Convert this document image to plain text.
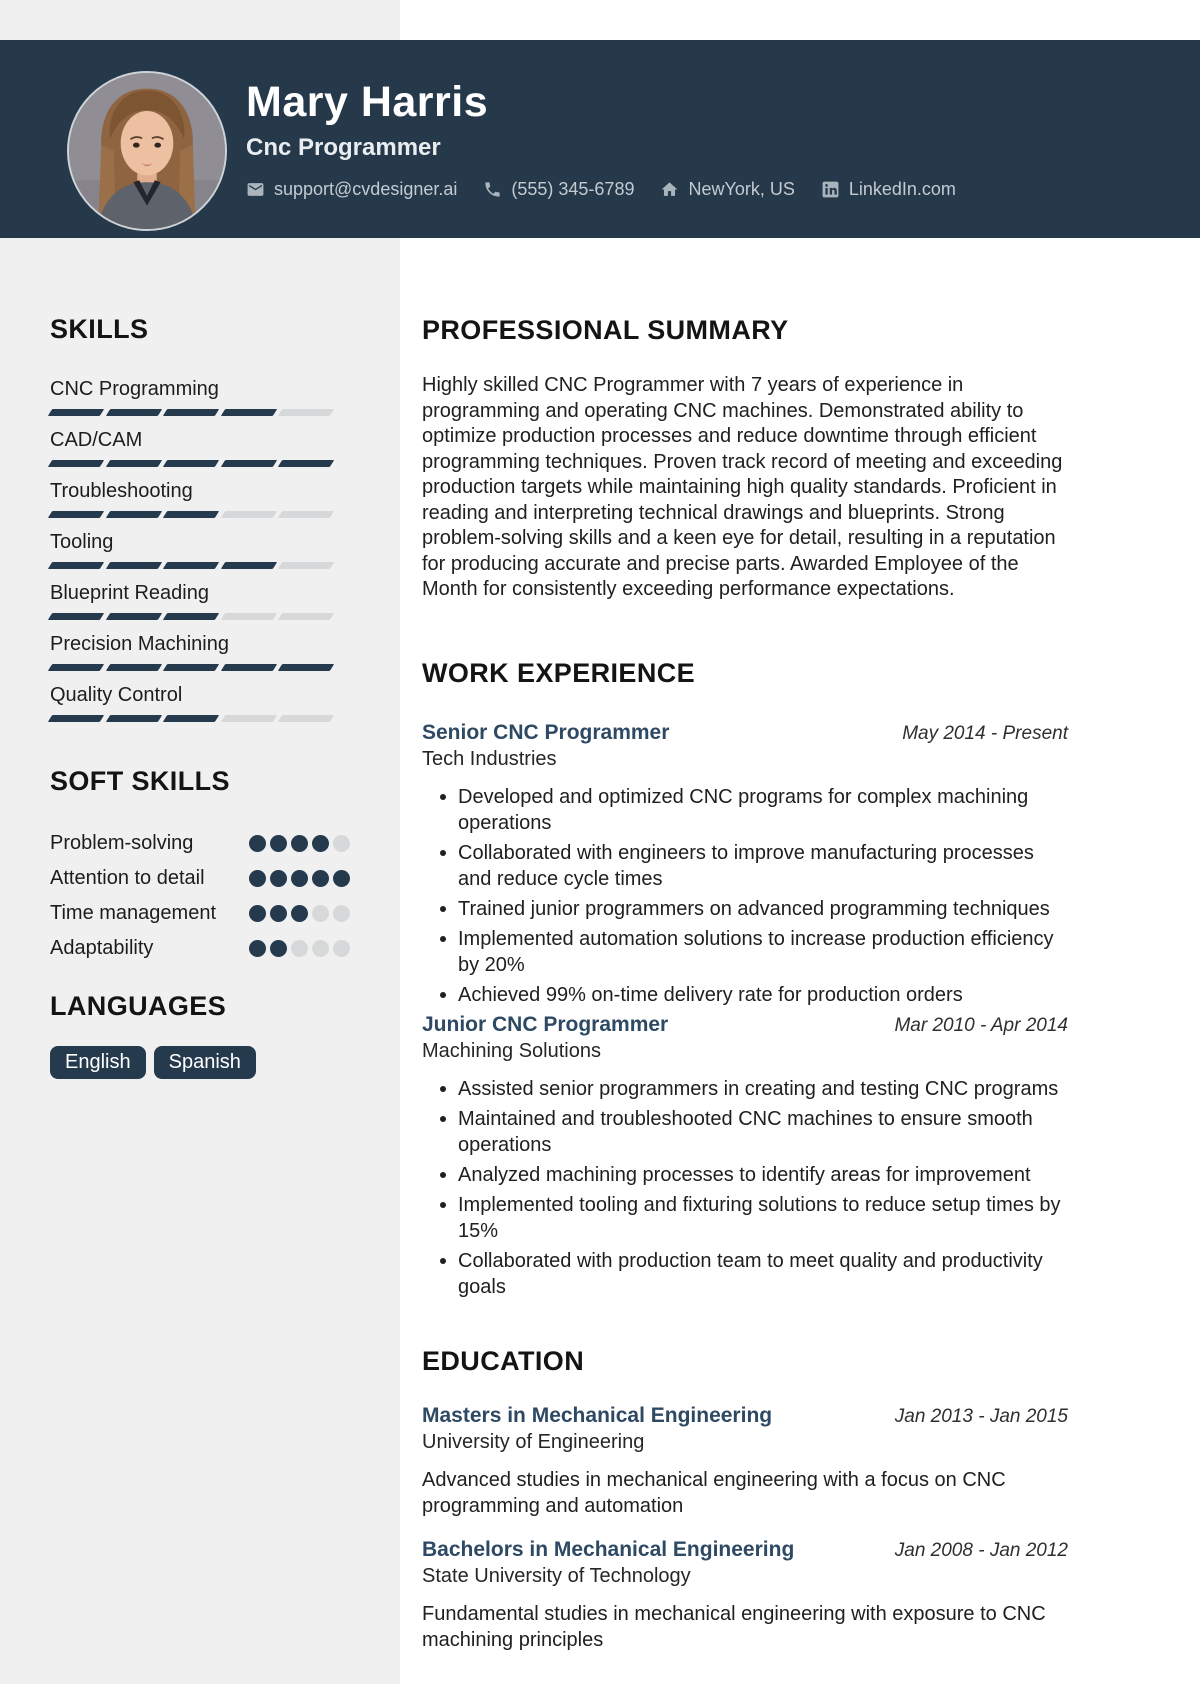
Mary Harris
Cnc Programmer
support@cvdesigner.ai	(555) 345-6789	NewYork, US	LinkedIn.com
SKILLS
CNC Programming
CAD/CAM
Troubleshooting
Tooling
Blueprint Reading
Precision Machining
Quality Control
SOFT SKILLS
Problem-solving
Attention to detail
Time management
Adaptability
LANGUAGES
English	Spanish
PROFESSIONAL SUMMARY

Highly skilled CNC Programmer with 7 years of experience in programming and operating CNC machines. Demonstrated ability to optimize production processes and reduce downtime through efficient programming techniques. Proven track record of meeting and exceeding production targets while maintaining high quality standards. Proficient in reading and interpreting technical drawings and blueprints. Strong problem-solving skills and a keen eye for detail, resulting in a reputation for producing accurate and precise parts. Awarded Employee of the Month for consistently exceeding performance expectations.

WORK EXPERIENCE
Senior CNC Programmer	May 2014 - Present
Tech Industries
Developed and optimized CNC programs for complex machining operations
Collaborated with engineers to improve manufacturing processes and reduce cycle times
Trained junior programmers on advanced programming techniques
Implemented automation solutions to increase production efficiency by 20%
Achieved 99% on-time delivery rate for production orders
Junior CNC Programmer	Mar 2010 - Apr 2014
Machining Solutions
Assisted senior programmers in creating and testing CNC programs
Maintained and troubleshooted CNC machines to ensure smooth operations
Analyzed machining processes to identify areas for improvement
Implemented tooling and fixturing solutions to reduce setup times by 15%
Collaborated with production team to meet quality and productivity goals
EDUCATION
Masters in Mechanical Engineering	Jan 2013 - Jan 2015
University of Engineering
Advanced studies in mechanical engineering with a focus on CNC programming and automation
Bachelors in Mechanical Engineering	Jan 2008 - Jan 2012
State University of Technology
Fundamental studies in mechanical engineering with exposure to CNC machining principles
